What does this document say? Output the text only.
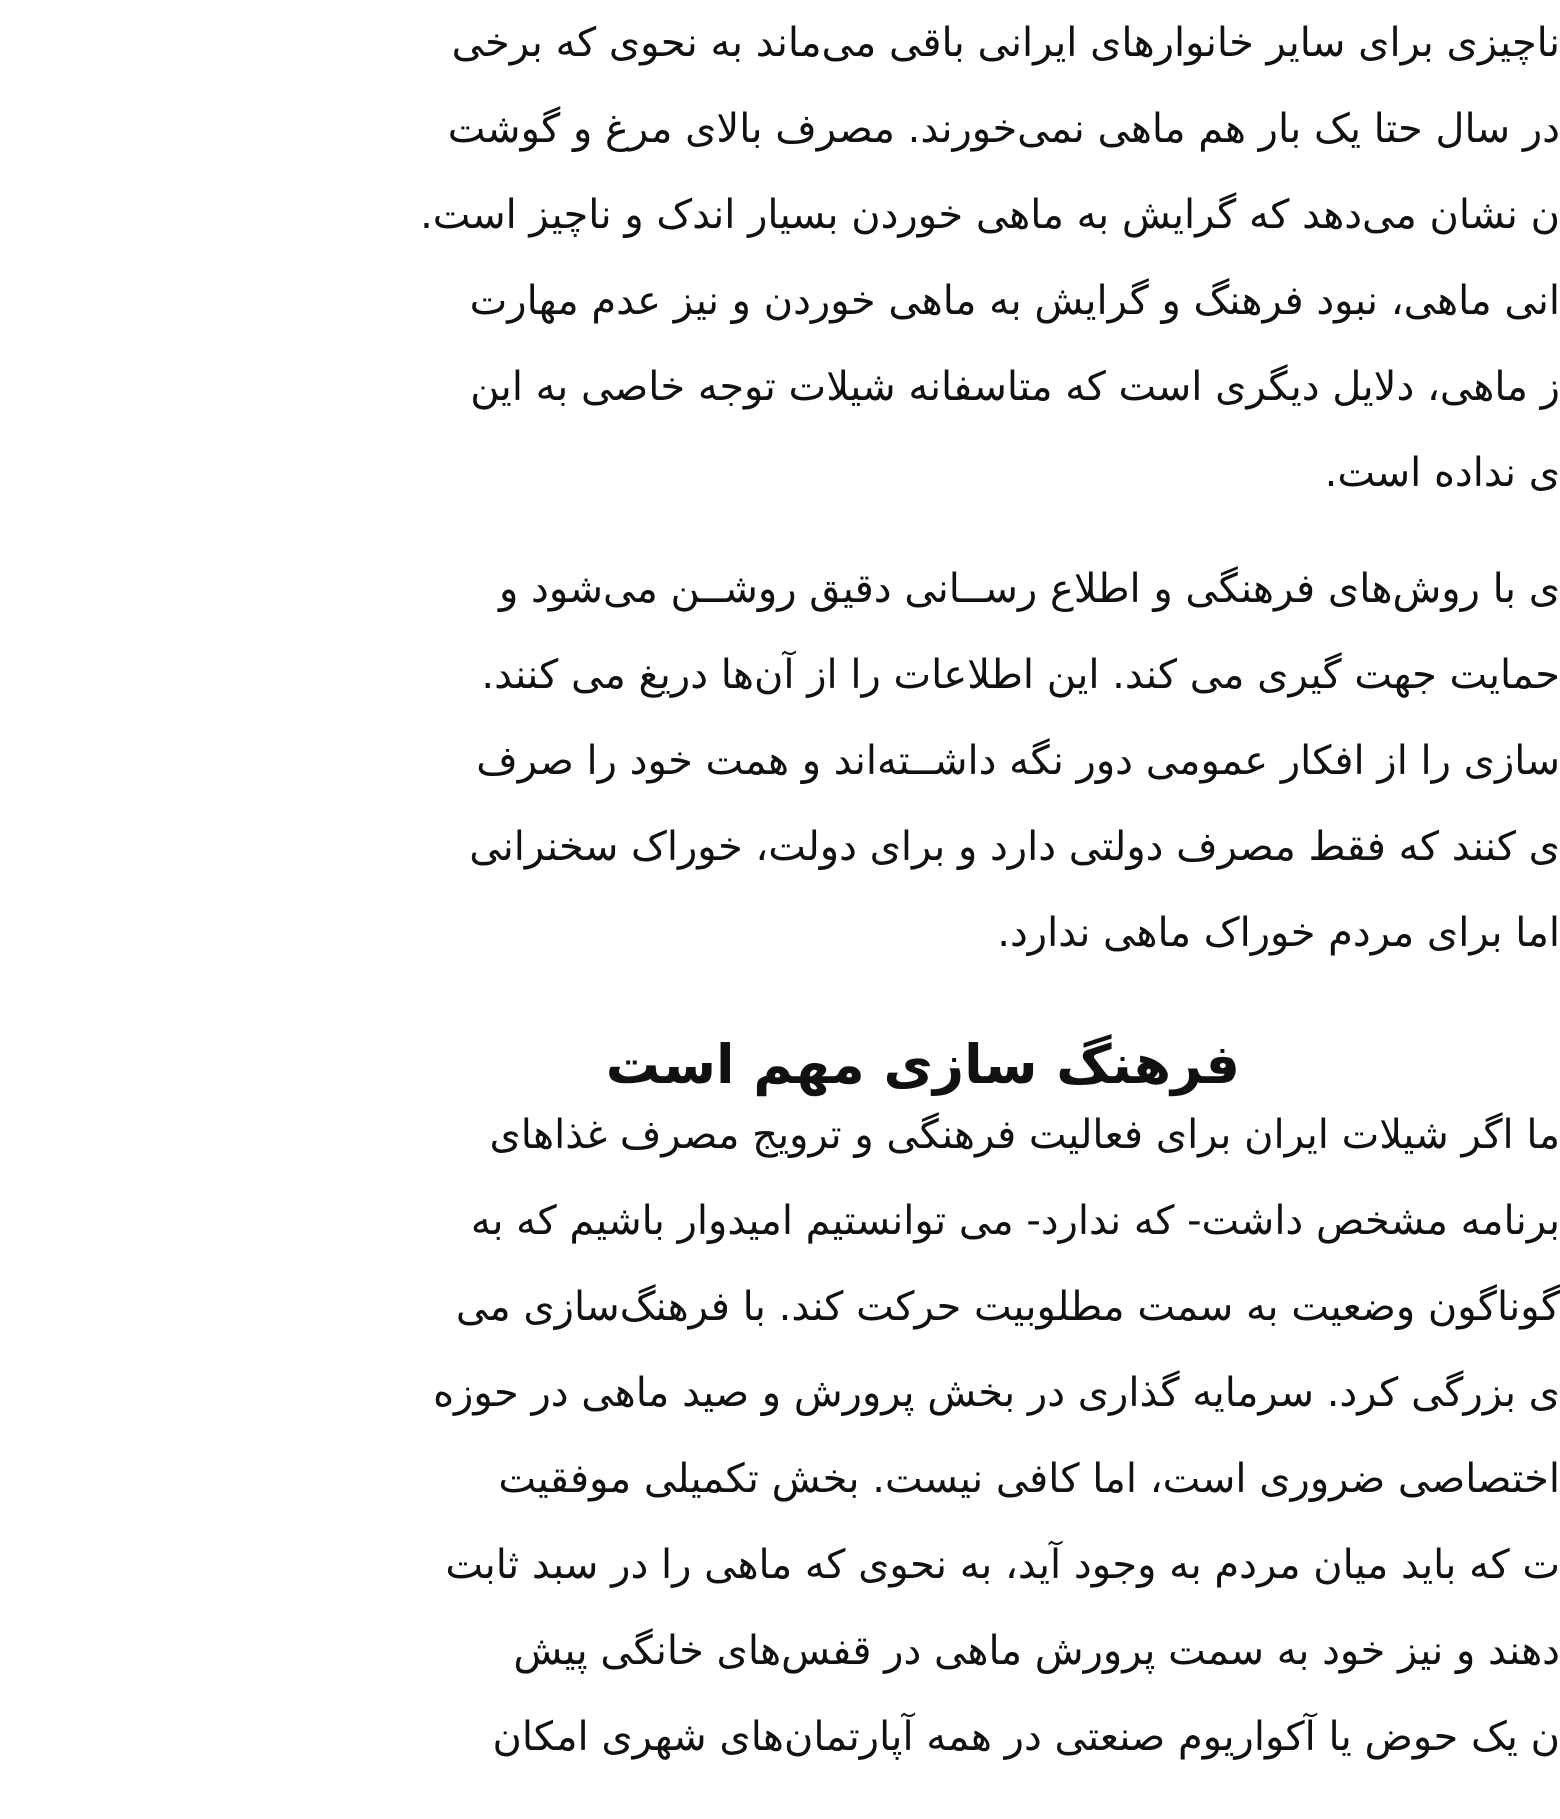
ناچیزی برای سایر خانوارهای ایرانی باقی می‌ماند به نحوی که برخی
در سال حتا یک بار هم ماهی نمی‌خورند. مصرف بالای مرغ و گوشت
ن نشان می‌دهد که گرایش به ماهی خوردن بسیار اندک و ناچیز است.
انی ماهی، نبود فرهنگ و گرایش به ماهی خوردن و نیز عدم مهارت
ز ماهی، دلایل دیگری است که متاسفانه شیلات توجه خاصی به این
ی نداده است.
ی با روش‌های فرهنگی و اطلاع رســانی دقیق روشــن می‌شود و
حمایت جهت گیری می کند. این اطلاعات را از آن‌ها دریغ می کنند.
سازی را از افکار عمومی دور نگه داشــته‌اند و همت خود را صرف
ی کنند که فقط مصرف دولتی دارد و برای دولت، خوراک سخنرانی
اما برای مردم خوراک ماهی ندارد.
فرهنگ سازی مهم است
ما اگر شیلات ایران برای فعالیت فرهنگی و ترویج مصرف غذاهای
برنامه مشخص داشت- که ندارد- می توانستیم امیدوار باشیم که به
گوناگون وضعیت به سمت مطلوبیت حرکت کند. با فرهنگ‌سازی می
ی بزرگی کرد. سرمایه گذاری در بخش پرورش و صید ماهی در حوزه
اختصاصی ضروری است، اما کافی نیست. بخش تکمیلی موفقیت
ت که باید میان مردم به وجود آید، به نحوی که ماهی را در سبد ثابت
دهند و نیز خود به سمت پرورش ماهی در قفس‌های خانگی پیش
ن یک حوض یا آکواریوم صنعتی در همه آپارتمان‌های شهری امکان
